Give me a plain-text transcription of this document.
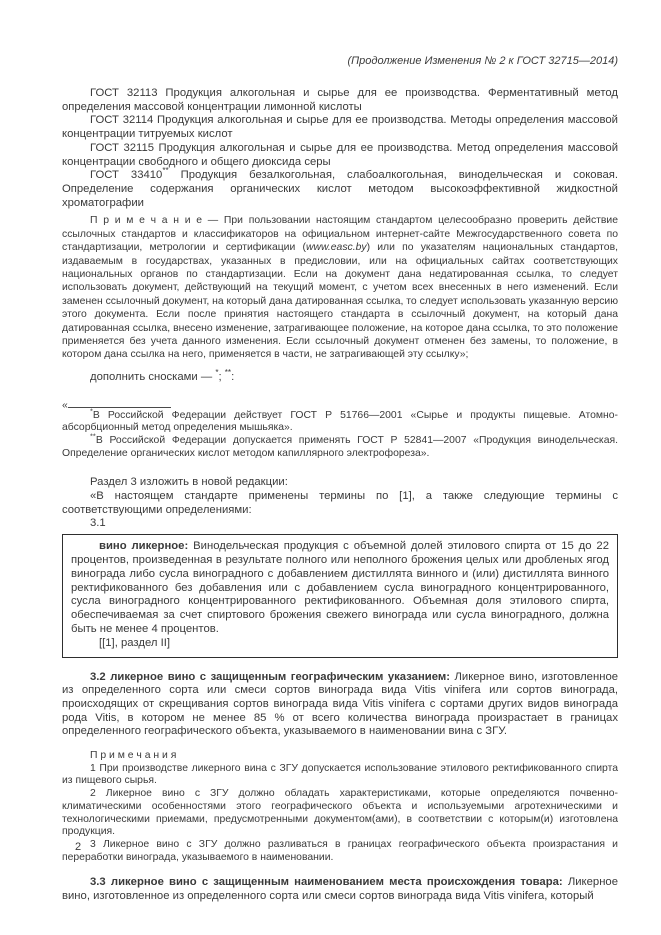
(Продолжение Изменения № 2 к ГОСТ 32715—2014)

ГОСТ 32113 Продукция алкогольная и сырье для ее производства. Ферментативный метод определения массовой концентрации лимонной кислоты

ГОСТ 32114 Продукция алкогольная и сырье для ее производства. Методы определения массовой концентрации титруемых кислот

ГОСТ 32115 Продукция алкогольная и сырье для ее производства. Метод определения массовой концентрации свободного и общего диоксида серы

ГОСТ 33410** Продукция безалкогольная, слабоалкогольная, винодельческая и соковая. Определение содержания органических кислот методом высокоэффективной жидкостной хроматографии

П р и м е ч а н и е — При пользовании настоящим стандартом целесообразно проверить действие ссылочных стандартов и классификаторов на официальном интернет-сайте Межгосударственного совета по стандартизации, метрологии и сертификации (www.easc.by) или по указателям национальных стандартов, издаваемым в государствах, указанных в предисловии, или на официальных сайтах соответствующих национальных органов по стандартизации. Если на документ дана недатированная ссылка, то следует использовать документ, действующий на текущий момент, с учетом всех внесенных в него изменений. Если заменен ссылочный документ, на который дана датированная ссылка, то следует использовать указанную версию этого документа. Если после принятия настоящего стандарта в ссылочный документ, на который дана датированная ссылка, внесено изменение, затрагивающее положение, на которое дана ссылка, то это положение применяется без учета данного изменения. Если ссылочный документ отменен без замены, то положение, в котором дана ссылка на него, применяется в части, не затрагивающей эту ссылку»;

дополнить сносками — *; **:

«

*В Российской Федерации действует ГОСТ Р 51766—2001 «Сырье и продукты пищевые. Атомно-абсорбционный метод определения мышьяка».

**В Российской Федерации допускается применять ГОСТ Р 52841—2007 «Продукция винодельческая. Определение органических кислот методом капиллярного электрофореза».

Раздел 3 изложить в новой редакции:

«В настоящем стандарте применены термины по [1], а также следующие термины с соответствующими определениями:

3.1

вино ликерное: Винодельческая продукция с объемной долей этилового спирта от 15 до 22 процентов, произведенная в результате полного или неполного брожения целых или дробленых ягод винограда либо сусла виноградного с добавлением дистиллята винного и (или) дистиллята винного ректификованного без добавления или с добавлением сусла виноградного концентрированного, сусла виноградного концентрированного ректификованного. Объемная доля этилового спирта, обеспечиваемая за счет спиртового брожения свежего винограда или сусла виноградного, должна быть не менее 4 процентов.

[[1], раздел II]

3.2 ликерное вино с защищенным географическим указанием: Ликерное вино, изготовленное из определенного сорта или смеси сортов винограда вида Vitis vinifera или сортов винограда, происходящих от скрещивания сортов винограда вида Vitis vinifera с сортами других видов винограда рода Vitis, в котором не менее 85 % от всего количества винограда произрастает в границах определенного географического объекта, указываемого в наименовании вина с ЗГУ.

П р и м е ч а н и я

1 При производстве ликерного вина с ЗГУ допускается использование этилового ректификованного спирта из пищевого сырья.

2 Ликерное вино с ЗГУ должно обладать характеристиками, которые определяются почвенно-климатическими особенностями этого географического объекта и используемыми агротехническими и технологическими приемами, предусмотренными документом(ами), в соответствии с которым(и) изготовлена продукция.

3 Ликерное вино с ЗГУ должно разливаться в границах географического объекта произрастания и переработки винограда, указываемого в наименовании.

3.3 ликерное вино с защищенным наименованием места происхождения товара: Ликерное вино, изготовленное из определенного сорта или смеси сортов винограда вида Vitis vinifera, который

2
